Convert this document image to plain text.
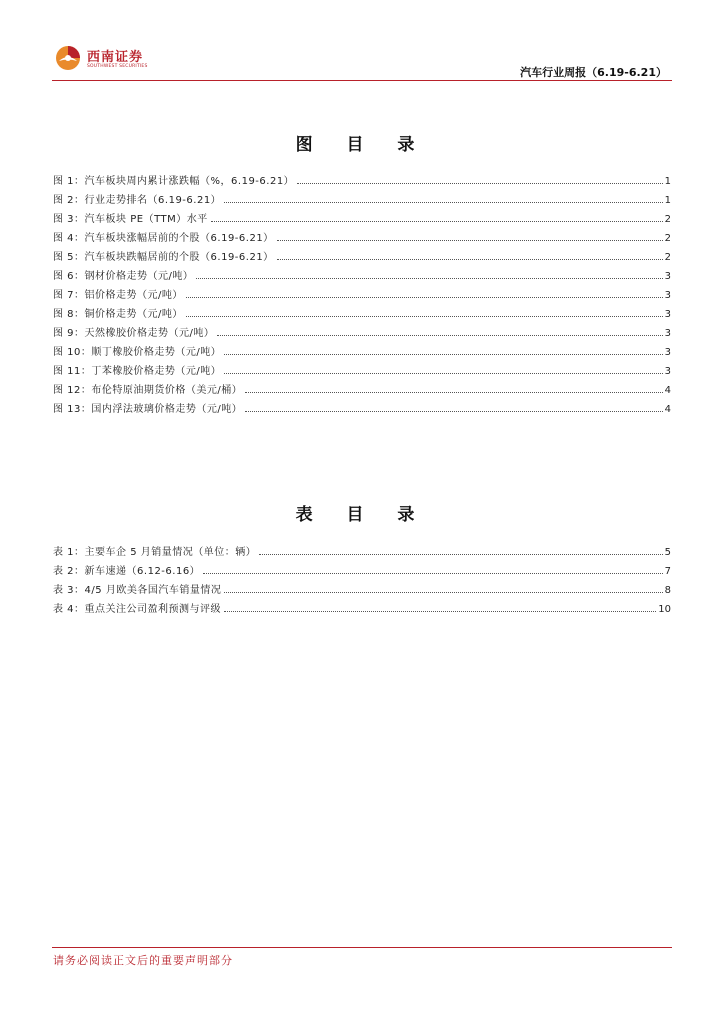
西南证券
SOUTHWEST SECURITIES	汽车行业周报（6.19-6.21）
图 目 录
图 1：汽车板块周内累计涨跌幅（%，6.19-6.21）	1
图 2：行业走势排名（6.19-6.21）	1
图 3：汽车板块 PE（TTM）水平	2
图 4：汽车板块涨幅居前的个股（6.19-6.21）	2
图 5：汽车板块跌幅居前的个股（6.19-6.21）	2
图 6：钢材价格走势（元/吨）	3
图 7：铝价格走势（元/吨）	3
图 8：铜价格走势（元/吨）	3
图 9：天然橡胶价格走势（元/吨）	3
图 10：顺丁橡胶价格走势（元/吨）	3
图 11：丁苯橡胶价格走势（元/吨）	3
图 12：布伦特原油期货价格（美元/桶）	4
图 13：国内浮法玻璃价格走势（元/吨）	4
表 目 录
表 1：主要车企 5 月销量情况（单位：辆）	5
表 2：新车速递（6.12-6.16）	7
表 3：4/5 月欧美各国汽车销量情况	8
表 4：重点关注公司盈利预测与评级	10
请务必阅读正文后的重要声明部分
